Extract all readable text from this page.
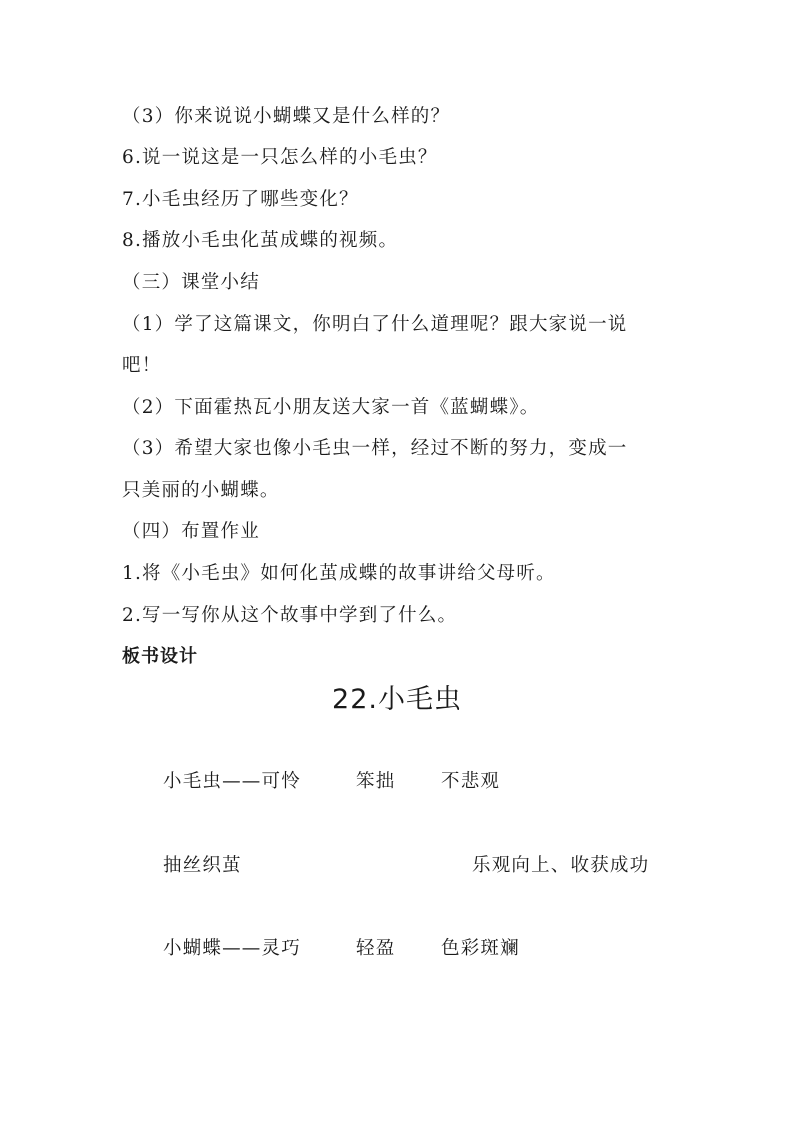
（3）你来说说小蝴蝶又是什么样的？
6.说一说这是一只怎么样的小毛虫？
7.小毛虫经历了哪些变化？
8.播放小毛虫化茧成蝶的视频。
（三）课堂小结
（1）学了这篇课文，你明白了什么道理呢？跟大家说一说
吧！
（2）下面霍热瓦小朋友送大家一首《蓝蝴蝶》。
（3）希望大家也像小毛虫一样，经过不断的努力，变成一
只美丽的小蝴蝶。
（四）布置作业
1.将《小毛虫》如何化茧成蝶的故事讲给父母听。
2.写一写你从这个故事中学到了什么。
板书设计
22.小毛虫
小毛虫——可怜	笨拙 不悲观
抽丝织茧	乐观向上、收获成功
小蝴蝶——灵巧	轻盈 色彩斑斓
